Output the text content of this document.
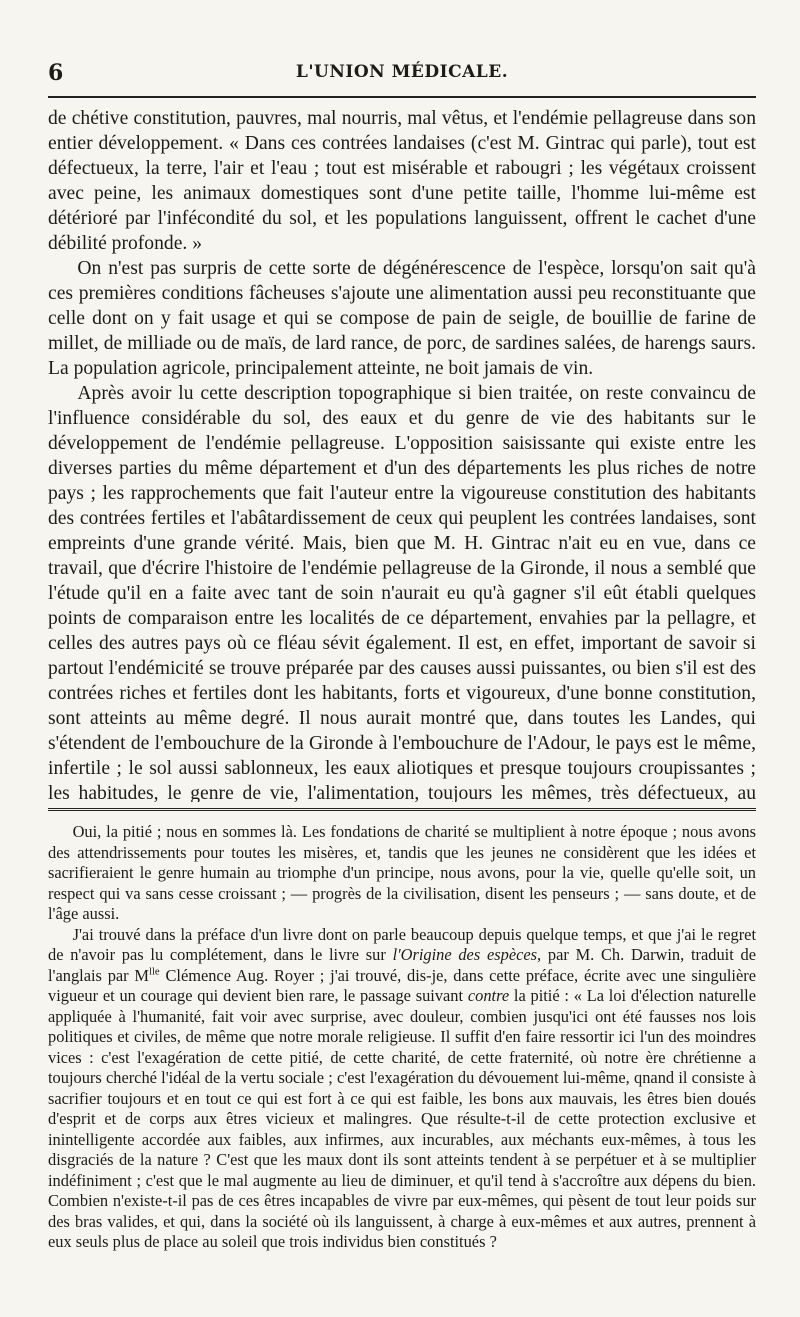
6	L'UNION MÉDICALE.

de chétive constitution, pauvres, mal nourris, mal vêtus, et l'endémie pellagreuse dans son entier développement. « Dans ces contrées landaises (c'est M. Gintrac qui parle), tout est défectueux, la terre, l'air et l'eau ; tout est misérable et rabougri ; les végétaux croissent avec peine, les animaux domestiques sont d'une petite taille, l'homme lui-même est détérioré par l'infécondité du sol, et les populations languissent, offrent le cachet d'une débilité profonde. »

On n'est pas surpris de cette sorte de dégénérescence de l'espèce, lorsqu'on sait qu'à ces premières conditions fâcheuses s'ajoute une alimentation aussi peu reconstituante que celle dont on y fait usage et qui se compose de pain de seigle, de bouillie de farine de millet, de milliade ou de maïs, de lard rance, de porc, de sardines salées, de harengs saurs. La population agricole, principalement atteinte, ne boit jamais de vin.

Après avoir lu cette description topographique si bien traitée, on reste convaincu de l'influence considérable du sol, des eaux et du genre de vie des habitants sur le développement de l'endémie pellagreuse. L'opposition saisissante qui existe entre les diverses parties du même département et d'un des départements les plus riches de notre pays ; les rapprochements que fait l'auteur entre la vigoureuse constitution des habitants des contrées fertiles et l'abâtardissement de ceux qui peuplent les contrées landaises, sont empreints d'une grande vérité. Mais, bien que M. H. Gintrac n'ait eu en vue, dans ce travail, que d'écrire l'histoire de l'endémie pellagreuse de la Gironde, il nous a semblé que l'étude qu'il en a faite avec tant de soin n'aurait eu qu'à gagner s'il eût établi quelques points de comparaison entre les localités de ce département, envahies par la pellagre, et celles des autres pays où ce fléau sévit également. Il est, en effet, important de savoir si partout l'endémicité se trouve préparée par des causes aussi puissantes, ou bien s'il est des contrées riches et fertiles dont les habitants, forts et vigoureux, d'une bonne constitution, sont atteints au même degré. Il nous aurait montré que, dans toutes les Landes, qui s'étendent de l'embouchure de la Gironde à l'embouchure de l'Adour, le pays est le même, infertile ; le sol aussi sablonneux, les eaux aliotiques et presque toujours croupissantes ; les habitudes, le genre de vie, l'alimentation, toujours les mêmes, très défectueux, au

Oui, la pitié ; nous en sommes là. Les fondations de charité se multiplient à notre époque ; nous avons des attendrissements pour toutes les misères, et, tandis que les jeunes ne considèrent que les idées et sacrifieraient le genre humain au triomphe d'un principe, nous avons, pour la vie, quelle qu'elle soit, un respect qui va sans cesse croissant ; — progrès de la civilisation, disent les penseurs ; — sans doute, et de l'âge aussi.

J'ai trouvé dans la préface d'un livre dont on parle beaucoup depuis quelque temps, et que j'ai le regret de n'avoir pas lu complétement, dans le livre sur l'Origine des espèces, par M. Ch. Darwin, traduit de l'anglais par $M^{lle}$ Clémence Aug. Royer ; j'ai trouvé, dis-je, dans cette préface, écrite avec une singulière vigueur et un courage qui devient bien rare, le passage suivant contre la pitié : « La loi d'élection naturelle appliquée à l'humanité, fait voir avec surprise, avec douleur, combien jusqu'ici ont été fausses nos lois politiques et civiles, de même que notre morale religieuse. Il suffit d'en faire ressortir ici l'un des moindres vices : c'est l'exagération de cette pitié, de cette charité, de cette fraternité, où notre ère chrétienne a toujours cherché l'idéal de la vertu sociale ; c'est l'exagération du dévouement lui-même, qnand il consiste à sacrifier toujours et en tout ce qui est fort à ce qui est faible, les bons aux mauvais, les êtres bien doués d'esprit et de corps aux êtres vicieux et malingres. Que résulte-t-il de cette protection exclusive et inintelligente accordée aux faibles, aux infirmes, aux incurables, aux méchants eux-mêmes, à tous les disgraciés de la nature ? C'est que les maux dont ils sont atteints tendent à se perpétuer et à se multiplier indéfiniment ; c'est que le mal augmente au lieu de diminuer, et qu'il tend à s'accroître aux dépens du bien. Combien n'existe-t-il pas de ces êtres incapables de vivre par eux-mêmes, qui pèsent de tout leur poids sur des bras valides, et qui, dans la société où ils languissent, à charge à eux-mêmes et aux autres, prennent à eux seuls plus de place au soleil que trois individus bien constitués ?
